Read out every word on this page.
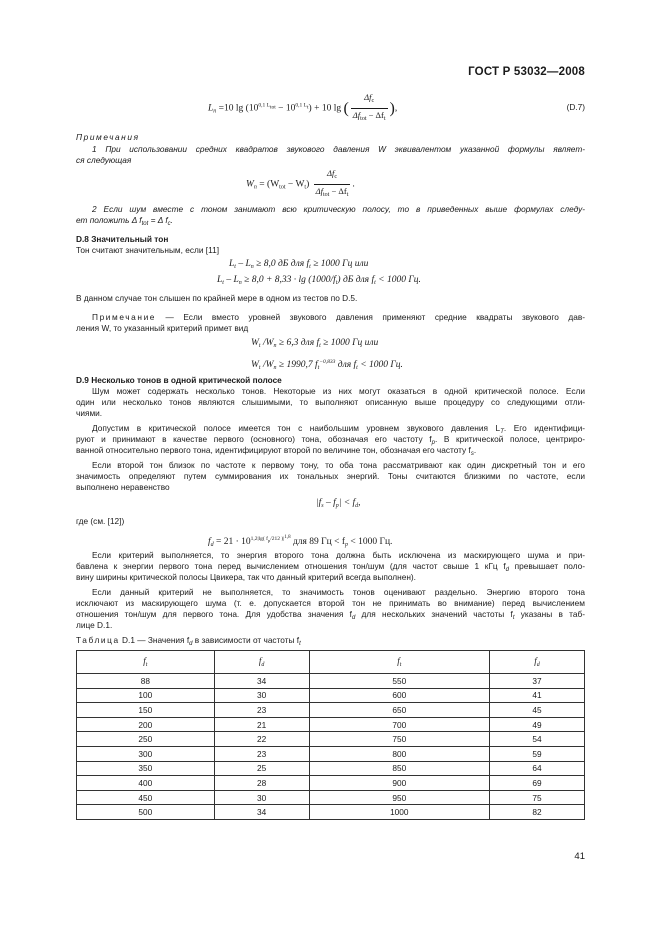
ГОСТ Р 53032—2008
$L_n =10$ $\lg (10^{0,1 Ltot} - 10^{0,1 Lt}) + 10$ lg ( $\frac{\Delta f_c}{\Delta f_{tot} - \Delta f_t}$ ),	(D.7)
Примечания
1 При использовании средних квадратов звукового давления W эквивалентом указанной формулы являет-
ся следующая
$W_n = (W_{tot} - W_t) \frac{\Delta f_c}{\Delta f_{tot} - \Delta f_t}$ .
2 Если шум вместе с тоном занимают всю критическую полосу, то в приведенных выше формулах следу-
ет положить Δ $f_{tot} = \Delta$ $f_c$.
D.8 Значительный тон
Тон считают значительным, если [11]
$L_t - L_n \ge 8,0$ дБ для $f_t \ge 1000$ Гц или
$L_t - L_n \ge 8,0 + 8,33 \cdot \lg (1000/f_t)$ дБ для $f_t < 1000$ Гц.
В данном случае тон слышен по крайней мере в одном из тестов по D.5.
Примечание — Если вместо уровней звукового давления применяют средние квадраты звукового дав-
ления W, то указанный критерий примет вид
$W_t$ $/W_n \ge 6,3$ для $f_t \ge 1000$ Гц или
$W_t$ $/W_n \ge 1990,7$ $f_t^{-0,833}$ для $f_t < 1000$ Гц.
D.9 Несколько тонов в одной критической полосе
Шум может содержать несколько тонов. Некоторые из них могут оказаться в одной критической полосе. Если
один или несколько тонов являются слышимыми, то выполняют описанную выше процедуру со следующими отли-
чиями.
Допустим в критической полосе имеется тон с наибольшим уровнем звукового давления $L_T$. Его идентифици-
руют и принимают в качестве первого (основного) тона, обозначая его частоту $f_p$. В критической полосе, центриро-
ванной относительно первого тона, идентифицируют второй по величине тон, обозначая его частоту $f_s$.
Если второй тон близок по частоте к первому тону, то оба тона рассматривают как один дискретный тон и его
значимость определяют путем суммирования их тональных энергий. Тоны считаются близкими по частоте, если
выполнено неравенство
$|f_s - f_p| < f_d$,
где (см. [12])
$f_d = 21 \cdot 10^{1,2|lg( fp/212 )|1,8}$ для 89 Гц < $f_p < 1000$ Гц.
Если критерий выполняется, то энергия второго тона должна быть исключена из маскирующего шума и при-
бавлена к энергии первого тона перед вычислением отношения тон/шум (для частот свыше 1 кГц $f_d$ превышает поло-
вину ширины критической полосы Цвикера, так что данный критерий всегда выполнен).
Если данный критерий не выполняется, то значимость тонов оценивают раздельно. Энергию второго тона
исключают из маскирующего шума (т. е. допускается второй тон не принимать во внимание) перед вычислением
отношения тон/шум для первого тона. Для удобства значения $f_d$ для нескольких значений частоты $f_t$ указаны в таб-
лице D.1.
Таблица D.1 — Значения $f_d$ в зависимости от частоты $f_t$
$f_t$	$f_d$	$f_t$	$f_d$
88	34	550	37
100	30	600	41
150	23	650	45
200	21	700	49
250	22	750	54
300	23	800	59
350	25	850	64
400	28	900	69
450	30	950	75
500	34	1000	82
41
